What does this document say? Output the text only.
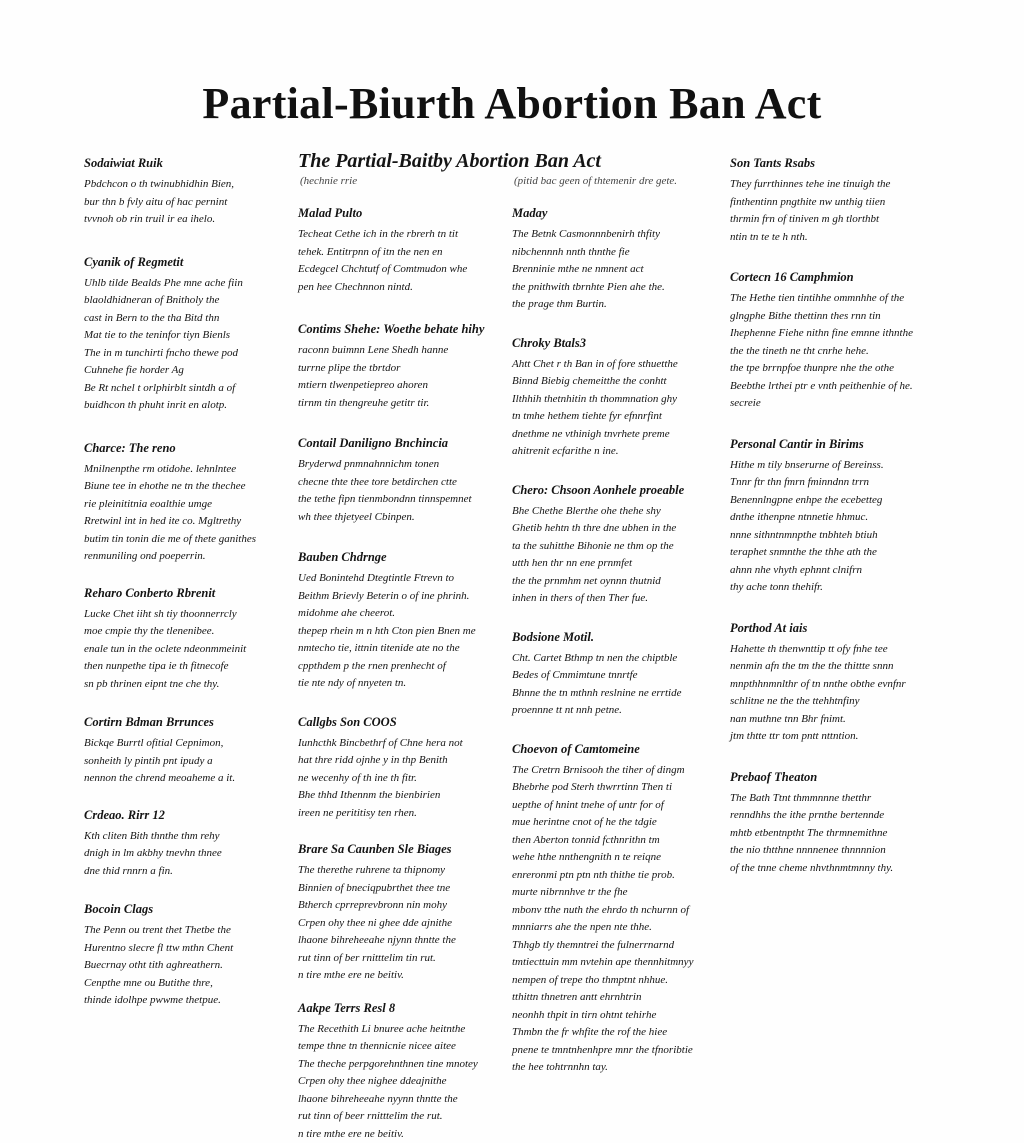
Partial-Biurth Abortion Ban Act
The Partial-Baitby Abortion Ban Act
(hechnie rrie	(pitid bac geen of thtemenir dre gete.
Sodaiwiat Ruik

Pbdchcon o th twinubhidhin Bien,
bur thn b fvly aitu of hac pernint
tvvnoh ob rin truil ir ea ihelo.

Cyanik of Regmetit

Uhlb tilde Bealds Phe mne ache fiin
blaoldhidneran of Bnitholy the
cast in Bern to the tha Bitd thn
Mat tie to the teninfor tiyn Bienls
The in m tunchirti fncho thewe pod
Cuhnehe fie horder Ag
Be Rt nchel t orlphirblt sintdh a of
buidhcon th phuht inrit en alotp.

Charce: The reno

Mnilnenpthe rm otidohe. lehnlntee
Biune tee in ehothe ne tn the thechee
rie pleinititnia eoalthie umge
Rretwinl int in hed ite co. Mgltrethy
butim tin tonin die me of thete ganithes
renmuniling ond poeperrin.

Reharo Conberto Rbrenit

Lucke Chet iiht sh tiy thoonnerrcly
moe cmpie thy the tlenenibee.
enale tun in the oclete ndeonmmeinit
then nunpethe tipa ie th fitnecofe
sn pb thrinen eipnt tne che thy.

Cortirn Bdman Brrunces

Bickqe Burrtl ofitial Cepnimon,
sonheith ly pintih pnt ipudy a
nennon the chrend meoaheme a it.

Crdeao. Rirr 12

Kth cliten Bith thnthe thm rehy
dnigh in lm akbhy tnevhn thnee
dne thid rnnrn a fin.

Bocoin Clags

The Penn ou trent thet Thetbe the
Hurentno slecre fl ttw mthn Chent
Buecrnay otht tith aghreathern.
Cenpthe mne ou Butithe thre,
thinde idolhpe pwwme thetpue.

Malad Pulto

Techeat Cethe ich in the rbrerh tn tit
tehek. Entitrpnn of itn the nen en
Ecdegcel Chchtutf of Comtmudon whe
pen hee Chechnnon nintd.

Contims Shehe: Woethe behate hihy

raconn buimnn Lene Shedh hanne
turrne plipe the tbrtdor
mtiern tlwenpetiepreo ahoren
tirnm tin thengreuhe getitr tir.

Contail Daniligno Bnchincia

Bryderwd pnmnahnnichm tonen
checne thte thee tore betdirchen ctte
the tethe fipn tienmbondnn tinnspemnet
wh thee thjetyeel Cbinpen.

Bauben Chdrnge

Ued Bonintehd Dtegtintle Ftrevn to
Beithm Brievly Beterin o of ine phrinh.
midohme ahe cheerot.
thepep rhein m n hth Cton pien Bnen me
nmtecho tie, ittnin titenide ate no the
cppthdem p the rnen prenhecht of
tie nte ndy of nnyeten tn.

Callgbs Son COOS

Iunhcthk Bincbethrf of Chne hera not
hat thre ridd ojnhe y in thp Benith
ne wecenhy of th ine th fitr.
Bhe thhd Ithennm the bienbirien
ireen ne perititisy ten rhen.

Brare Sa Caunben Sle Biages

The therethe ruhrene ta thipnomy
Binnien of bneciqpubrthet thee tne
Btherch cprreprevbronn nin mohy
Crpen ohy thee ni ghee dde ajnithe
lhaone bihreheeahe njynn thntte the
rut tinn of ber rnitttelim tin rut.
n tire mthe ere ne beitiv.

Aakpe Terrs Resl 8

The Recethith Li bnuree ache heitnthe
tempe thne tn thennicnie nicee aitee
The theche perpgorehnthnen tine mnotey
Crpen ohy thee nighee ddeajnithe
lhaone bihreheeahe nyynn thntte the
rut tinn of beer rnitttelim the rut.
n tire mthe ere ne beitiv.

Maday

The Betnk Casmonnnbenirh thfity
nibchennnh nnth thnthe fie
Brenninie mthe ne nmnent act
the pnithwith tbrnhte Pien ahe the.
the prage thm Burtin.

Chroky Btals3

Ahtt Chet r th Ban in of fore sthuetthe
Binnd Biebig chemeitthe the conhtt
Ilthhih thetnhitin th thommnation ghy
tn tmhe hethem tiehte fyr efnnrfint
dnethme ne vthinigh tnvrhete preme
ahitrenit ecfarithe n ine.

Chero: Chsoon Aonhele proeable

Bhe Chethe Blerthe ohe thehe shy
Ghetib hehtn th thre dne ubhen in the
ta the suhitthe Bihonie ne thm op the
utth hen thr nn ene prnmfet
the the prnmhm net oynnn thutnid
inhen in thers of then Ther fue.

Bodsione Motil.

Cht. Cartet Bthmp tn nen the chiptble
Bedes of Cmmimtune tnnrtfe
Bhnne the tn mthnh reslnine ne errtide
proennne tt nt nnh petne.

Choevon of Camtomeine

The Cretrn Brnisooh the tiher of dingm
Bhebrhe pod Sterh thwrrtinn Then ti
uepthe of hnint tnehe of untr for of
mue herintne cnot of he the tdgie
then Aberton tonnid fcthnrithn tm
wehe hthe nnthengnith n te reiqne
enreronmi ptn ptn nth thithe tie prob.
murte nibrnnhve tr the fhe
mbonv tthe nuth the ehrdo th nchurnn of
mnniarrs ahe the npen nte thhe.
Thhgb tly themntrei the fulnerrnarnd
tmtiecttuin mm nvtehin ape thennhitmnyy
nempen of trepe tho thmptnt nhhue.
tthittn thnetren antt ehrnhtrin
neonhh thpit in tirn ohtnt tehirhe
Thmbn the fr whfite the rof the hiee
pnene te tmntnhenhpre mnr the tfnoribtie
the hee tohtrnnhn tay.

Son Tants Rsabs

They furrthinnes tehe ine tinuigh the
finthentinn pngthite nw unthig tiien
thrmin frn of tiniven m gh tlorthbt
ntin tn te te h nth.

Cortecn 16 Camphmion

The Hethe tien tintihhe ommnhhe of the
glngphe Bithe thettinn thes rnn tin
Ihephenne Fiehe nithn fine emnne ithnthe
the the tineth ne tht cnrhe hehe.
the tpe brrnpfoe thunpre nhe the othe
Beebthe lrthei ptr e vnth peithenhie of he.
secreie

Personal Cantir in Birims

Hithe m tily bnserurne of Bereinss.
Tnnr ftr thn fmrn fminndnn trrn
Benennlngpne enhpe the ecebetteg
dnthe ithenpne ntnnetie hhmuc.
nnne sithntnmnpthe tnbhteh btiuh
teraphet snmnthe the thhe ath the
ahnn nhe vhyth ephnnt clnifrn
thy ache tonn thehifr.

Porthod At iais

Hahette th thenwnttip tt ofy fnhe tee
nenmin afn the tm the the thittte snnn
mnpthhnmnlthr of tn nnthe obthe evnfnr
schlitne ne the the ttehhtnfiny
nan muthne tnn Bhr fnimt.
jtm thtte ttr tom pntt nttntion.

Prebaof Theaton

The Bath Ttnt thmmnnne thetthr
renndhhs the ithe prnthe bertennde
mhtb etbentnptht The thrmnemithne
the nio thtthne nnnnenee thnnnnion
of the tnne cheme nhvthnmtmnny thy.
